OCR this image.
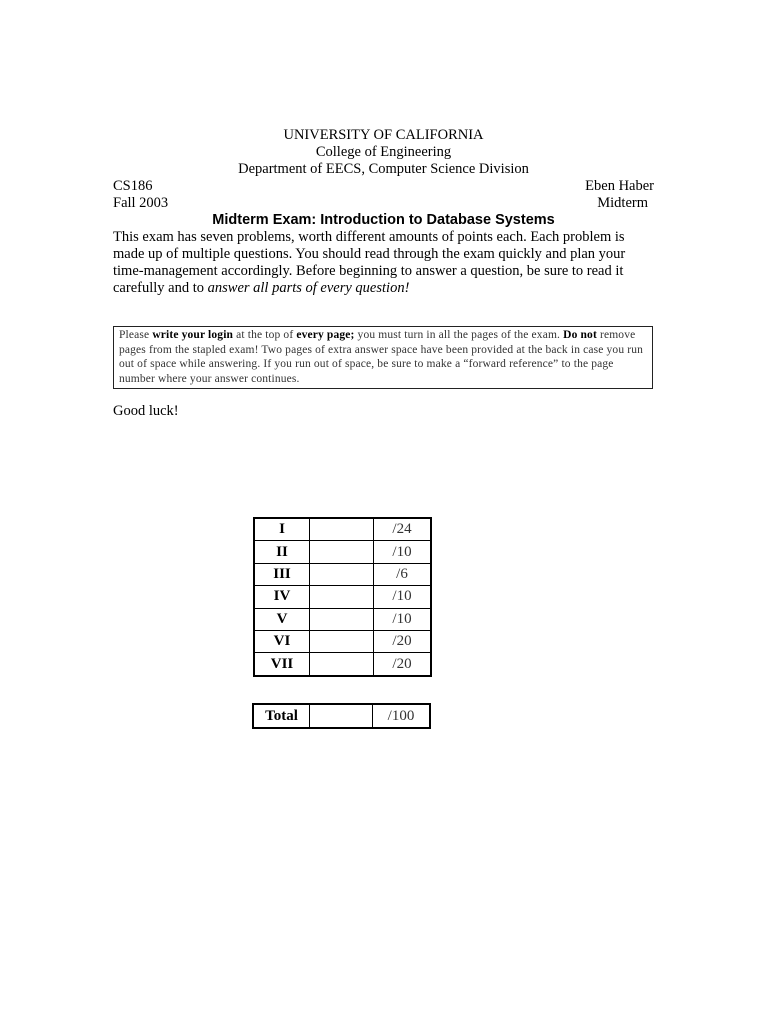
UNIVERSITY OF CALIFORNIA
College of Engineering
Department of EECS, Computer Science Division
CS186	Eben Haber
Fall 2003	Midterm
Midterm Exam: Introduction to Database Systems
This exam has seven problems, worth different amounts of points each. Each problem is made up of multiple questions. You should read through the exam quickly and plan your time-management accordingly. Before beginning to answer a question, be sure to read it carefully and to answer all parts of every question!
Please write your login at the top of every page; you must turn in all the pages of the exam. Do not remove pages from the stapled exam! Two pages of extra answer space have been provided at the back in case you run out of space while answering. If you run out of space, be sure to make a “forward reference” to the page number where your answer continues.
Good luck!
I		/24
II		/10
III		/6
IV		/10
V		/10
VI		/20
VII		/20
Total		/100
